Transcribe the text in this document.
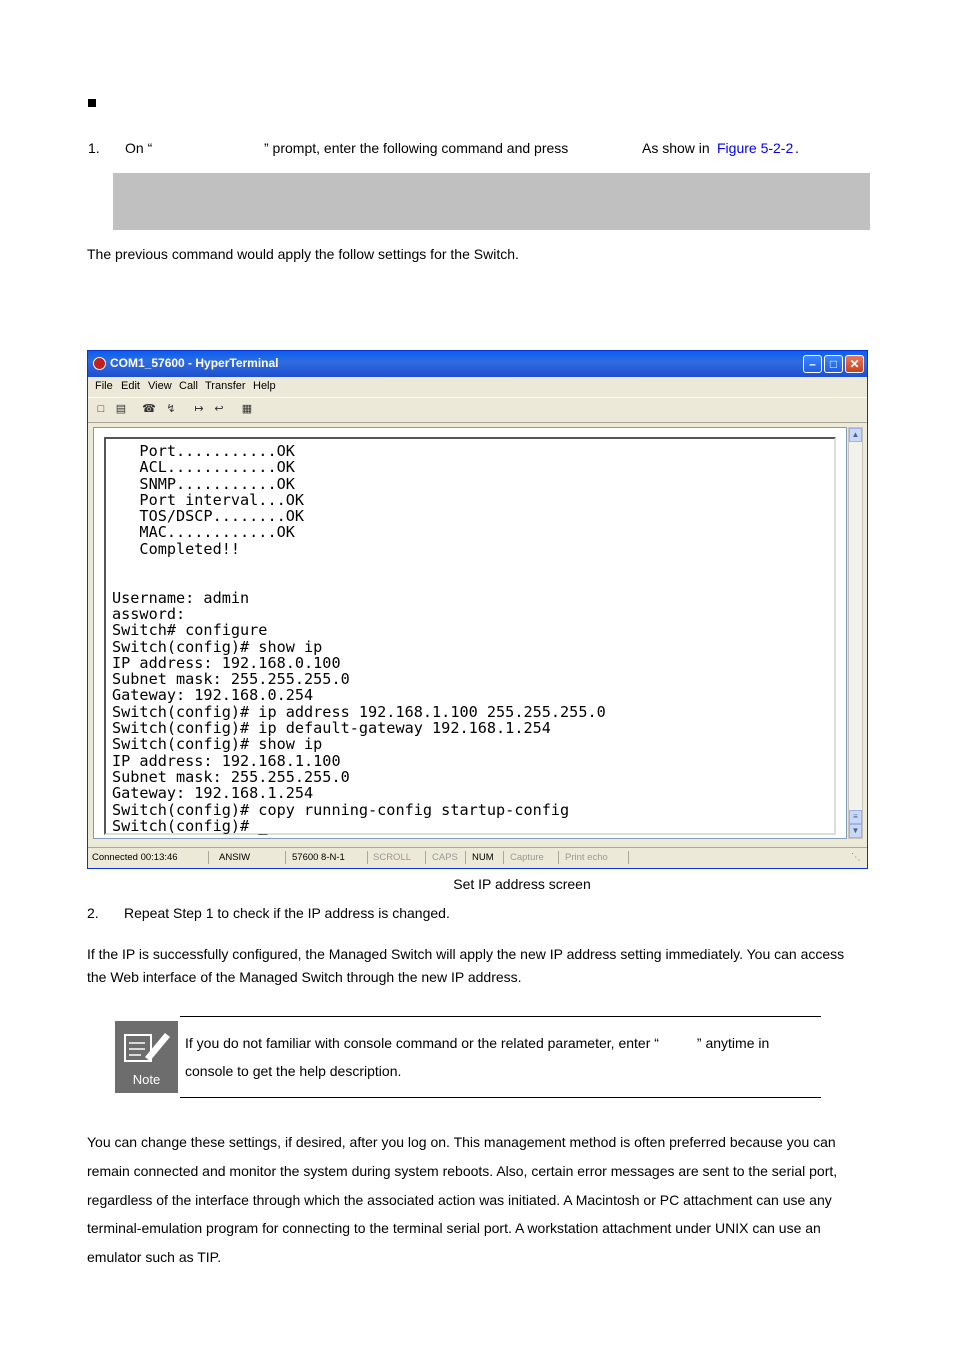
1. On “	” prompt, enter the following command and press	As show in Figure 5-2-2 .
The previous command would apply the follow settings for the Switch.
COM1_57600 - HyperTerminal	–	□	✕
File Edit View Call Transfer Help
□	▤ ☎ ↯ ↦ ↩ ▦
Port...........OK
ACL............OK
SNMP...........OK
Port interval...OK
TOS/DSCP........OK
MAC............OK
Completed!!

Username: admin
assword:
Switch# configure
Switch(config)# show ip
IP address: 192.168.0.100
Subnet mask: 255.255.255.0
Gateway: 192.168.0.254
Switch(config)# ip address 192.168.1.100 255.255.255.0
Switch(config)# ip default-gateway 192.168.1.254
Switch(config)# show ip
IP address: 192.168.1.100
Subnet mask: 255.255.255.0
Gateway: 192.168.1.254
Switch(config)# copy running-config startup-config
Switch(config)# _
▲
≡
▼
Connected 00:13:46	ANSIW	57600 8-N-1	SCROLL CAPS NUM Capture Print echo	⋱
Set IP address screen
2. Repeat Step 1 to check if the IP address is changed.
If the IP is successfully configured, the Managed Switch will apply the new IP address setting immediately. You can access
the Web interface of the Managed Switch through the new IP address.
Note
If you do not familiar with console command or the related parameter, enter “	” anytime in
console to get the help description.
You can change these settings, if desired, after you log on. This management method is often preferred because you can
remain connected and monitor the system during system reboots. Also, certain error messages are sent to the serial port,
regardless of the interface through which the associated action was initiated. A Macintosh or PC attachment can use any
terminal-emulation program for connecting to the terminal serial port. A workstation attachment under UNIX can use an
emulator such as TIP.
